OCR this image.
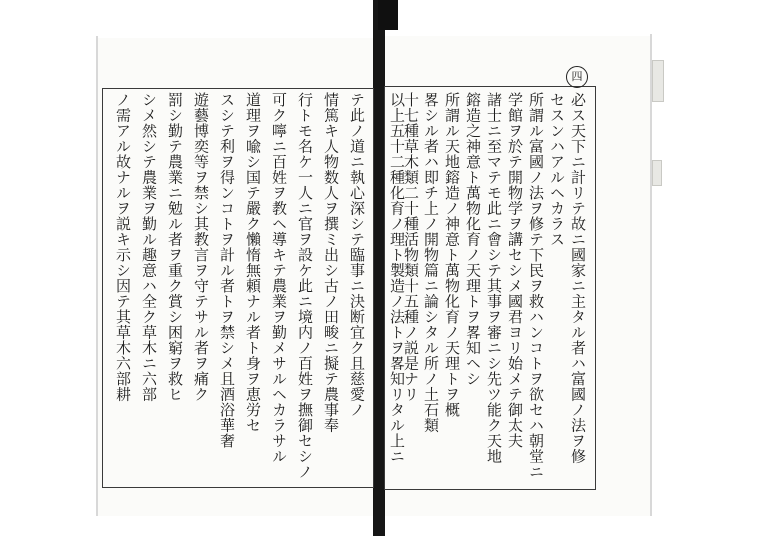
四
必ス天下ニ計リテ故ニ國家ニ主タル者ハ富國ノ法ヲ修
セスンハアルヘカラス
所謂ル富國ノ法ヲ修テ下民ヲ救ハンコトヲ欲セハ朝堂ニ
学館ヲ於テ開物学ヲ講セシメ國君ヨリ始メテ御太夫
諸士ニ至マテモ此ニ會シテ其事ヲ審ニシ先ツ能ク天地
鎔造之神意ト萬物化育ノ天理トヲ畧知ヘシ
所謂ル天地鎔造ノ神意ト萬物化育ノ天理トヲ概
畧シル者ハ即チ上ノ開物篇ニ論シタル所ノ土石類
十七種草木類二十種活物類十五種ノ説是ナリ
以上五十二種化育ノ理ト製造ノ法トヲ畧知リタル上ニ
テ此ノ道ニ執心深シテ臨事ニ決断宜ク且慈愛ノ
情篤キ人物数人ヲ撰ミ出シ古ノ田畯ニ擬テ農事奉
行トモ名ケ一人ニ官ヲ設ケ此ニ境内ノ百姓ヲ撫御セシノ
可ク嚀ニ百姓ヲ教ヘ導キテ農業ヲ勤メサルヘカラサル
道理ヲ喩シ国テ嚴ク懶惰無頼ナル者ト身ヲ恵労セ
スシテ利ヲ得ンコトヲ計ル者トヲ禁シメ且酒浴華奢
遊藝博奕等ヲ禁シ其教言ヲ守テサル者ヲ痛ク
罰シ勤テ農業ニ勉ル者ヲ重ク賞シ困窮ヲ救ヒ
シメ然シテ農業ヲ勤ル趣意ハ全ク草木ニ六部
ノ需アル故ナルヲ説キ示シ因テ其草木六部耕
